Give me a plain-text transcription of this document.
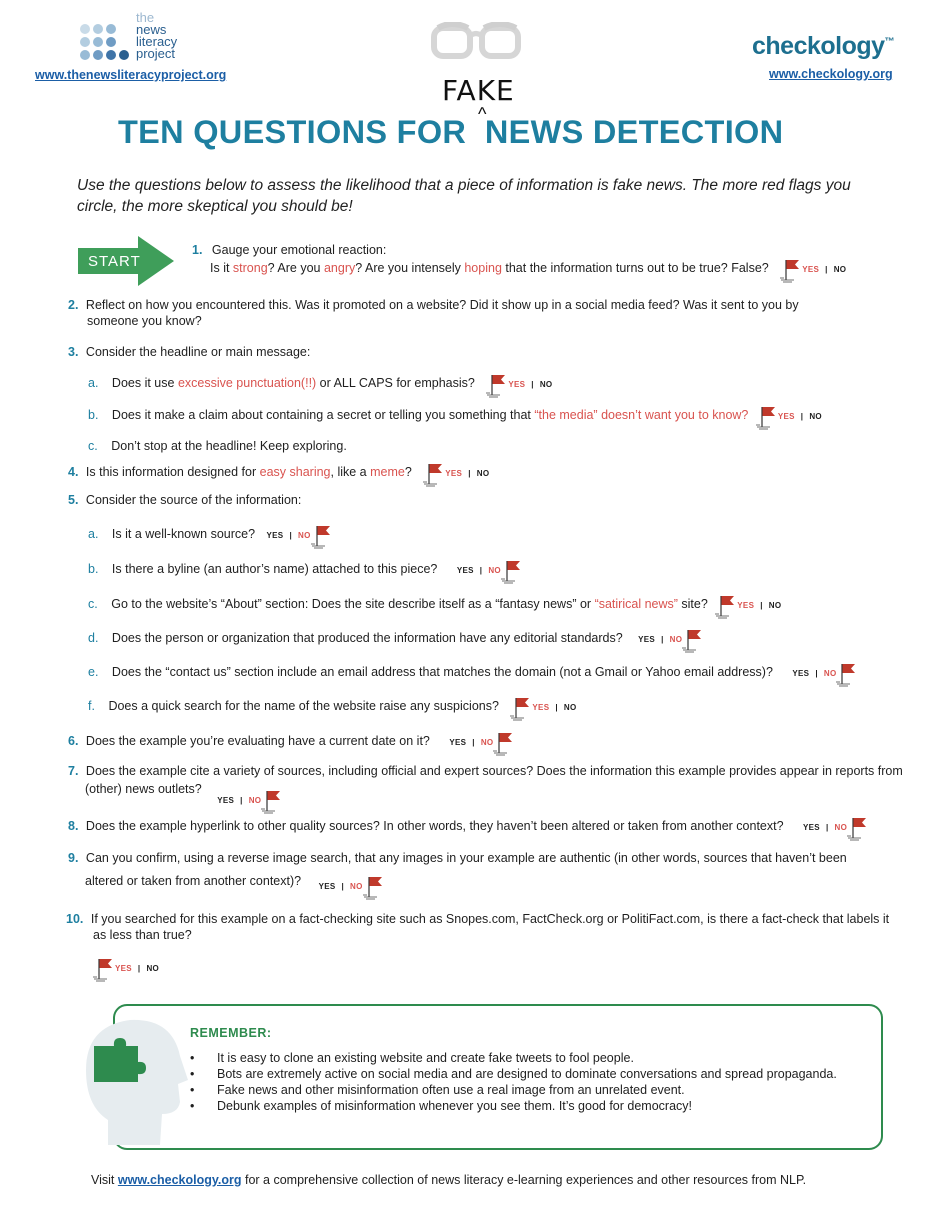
the
news
literacy
project
www.thenewsliteracyproject.org	FAKE
^
checkology™
www.checkology.org
TEN QUESTIONS FOR NEWS DETECTION
Use the questions below to assess the likelihood that a piece of information is fake news. The more red flags you circle, the more skeptical you should be!
START
1. Gauge your emotional reaction:
Is it strong? Are you angry? Are you intensely hoping that the information turns out to be true? False?	YES | NO
2. Reflect on how you encountered this. Was it promoted on a website? Did it show up in a social media feed? Was it sent to you by
someone you know?
3. Consider the headline or main message:
a. Does it use excessive punctuation(!!) or ALL CAPS for emphasis?	YES | NO
b. Does it make a claim about containing a secret or telling you something that “the media” doesn’t want you to know?	YES | NO
c. Don’t stop at the headline! Keep exploring.
4. Is this information designed for easy sharing, like a meme?	YES | NO
5. Consider the source of the information:
a. Is it a well-known source? YES | NO
b. Is there a byline (an author’s name) attached to this piece? YES | NO
c. Go to the website’s “About” section: Does the site describe itself as a “fantasy news” or “satirical news” site?	YES | NO
d. Does the person or organization that produced the information have any editorial standards? YES | NO
e. Does the “contact us” section include an email address that matches the domain (not a Gmail or Yahoo email address)? YES | NO
f. Does a quick search for the name of the website raise any suspicions?	YES | NO
6. Does the example you’re evaluating have a current date on it? YES | NO
7. Does the example cite a variety of sources, including official and expert sources? Does the information this example provides appear in reports from
(other) news outlets? YES | NO
8. Does the example hyperlink to other quality sources? In other words, they haven’t been altered or taken from another context? YES | NO
9. Can you confirm, using a reverse image search, that any images in your example are authentic (in other words, sources that haven’t been
altered or taken from another context)? YES | NO
10. If you searched for this example on a fact-checking site such as Snopes.com, FactCheck.org or PolitiFact.com, is there a fact-check that labels it
as less than true?
YES | NO
REMEMBER:
• It is easy to clone an existing website and create fake tweets to fool people.
• Bots are extremely active on social media and are designed to dominate conversations and spread propaganda.
• Fake news and other misinformation often use a real image from an unrelated event.
• Debunk examples of misinformation whenever you see them. It’s good for democracy!
Visit www.checkology.org for a comprehensive collection of news literacy e-learning experiences and other resources from NLP.
